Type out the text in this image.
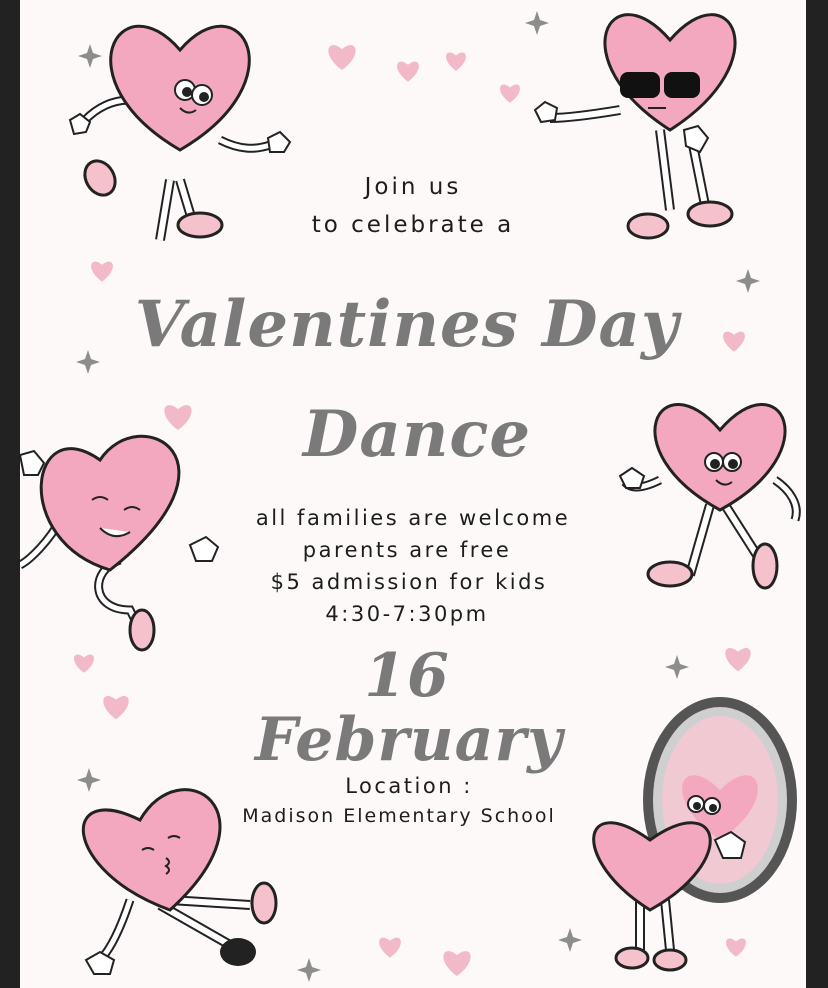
Join us
to celebrate a
Valentines Day
Dance
all families are welcome
parents are free
$5 admission for kids
4:30-7:30pm
16
February
Location :
Madison Elementary School
